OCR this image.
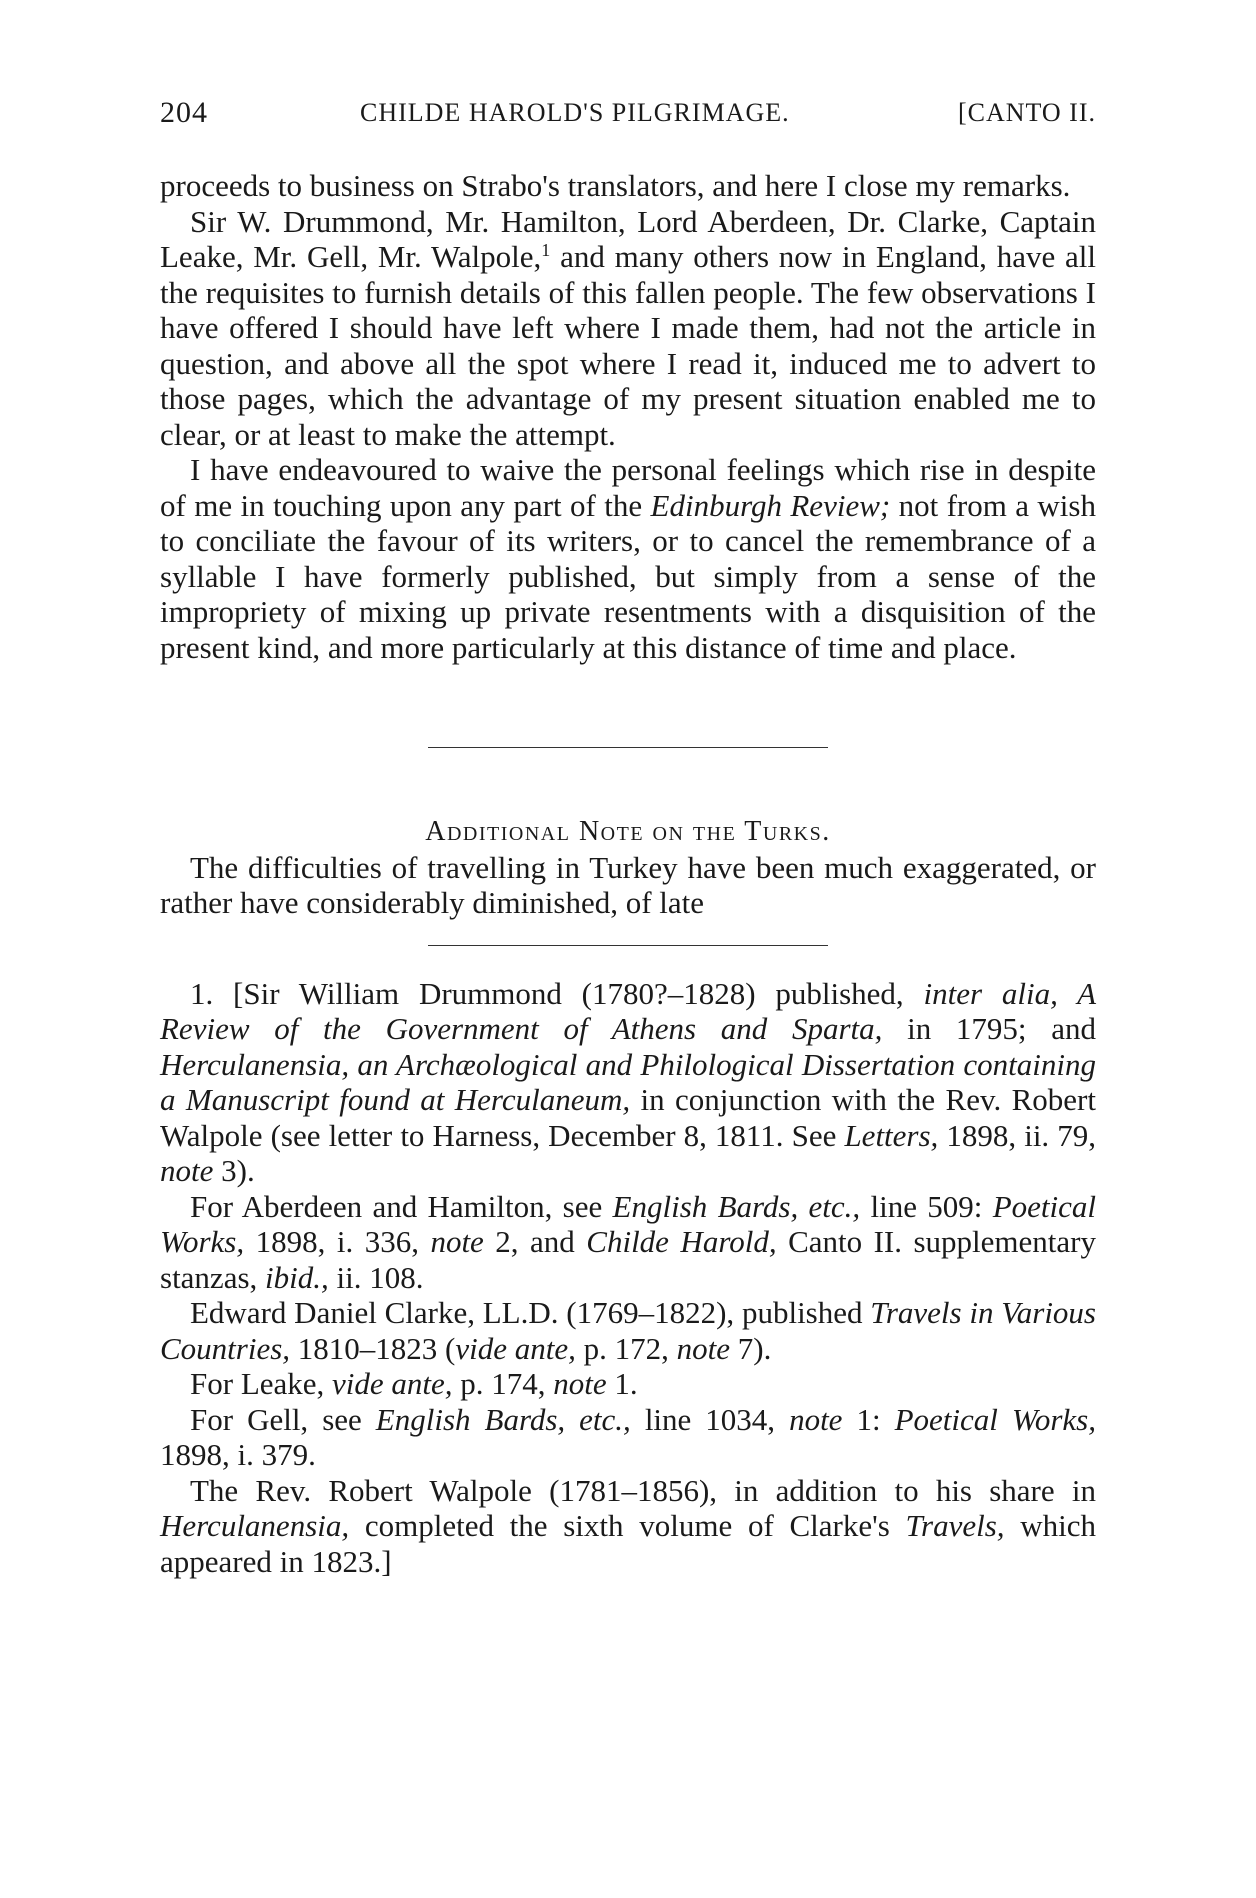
204	CHILDE HAROLD'S PILGRIMAGE.	[CANTO II.

proceeds to business on Strabo's translators, and here I close my remarks.

Sir W. Drummond, Mr. Hamilton, Lord Aberdeen, Dr. Clarke, Captain Leake, Mr. Gell, Mr. Walpole,$^1$ and many others now in England, have all the requisites to furnish details of this fallen people. The few observations I have offered I should have left where I made them, had not the article in question, and above all the spot where I read it, induced me to advert to those pages, which the advantage of my present situation enabled me to clear, or at least to make the attempt.

I have endeavoured to waive the personal feelings which rise in despite of me in touching upon any part of the Edinburgh Review; not from a wish to conciliate the favour of its writers, or to cancel the remembrance of a syllable I have formerly published, but simply from a sense of the impropriety of mixing up private resentments with a disquisition of the present kind, and more particularly at this distance of time and place.

Additional Note on the Turks.

The difficulties of travelling in Turkey have been much exaggerated, or rather have considerably diminished, of late

1. [Sir William Drummond (1780?–1828) published, inter alia, A Review of the Government of Athens and Sparta, in 1795; and Herculanensia, an Archæological and Philological Dissertation containing a Manuscript found at Herculaneum, in conjunction with the Rev. Robert Walpole (see letter to Harness, December 8, 1811. See Letters, 1898, ii. 79, note 3).

For Aberdeen and Hamilton, see English Bards, etc., line 509: Poetical Works, 1898, i. 336, note 2, and Childe Harold, Canto II. supplementary stanzas, ibid., ii. 108.

Edward Daniel Clarke, LL.D. (1769–1822), published Travels in Various Countries, 1810–1823 (vide ante, p. 172, note 7).

For Leake, vide ante, p. 174, note 1.

For Gell, see English Bards, etc., line 1034, note 1: Poetical Works, 1898, i. 379.

The Rev. Robert Walpole (1781–1856), in addition to his share in Herculanensia, completed the sixth volume of Clarke's Travels, which appeared in 1823.]
